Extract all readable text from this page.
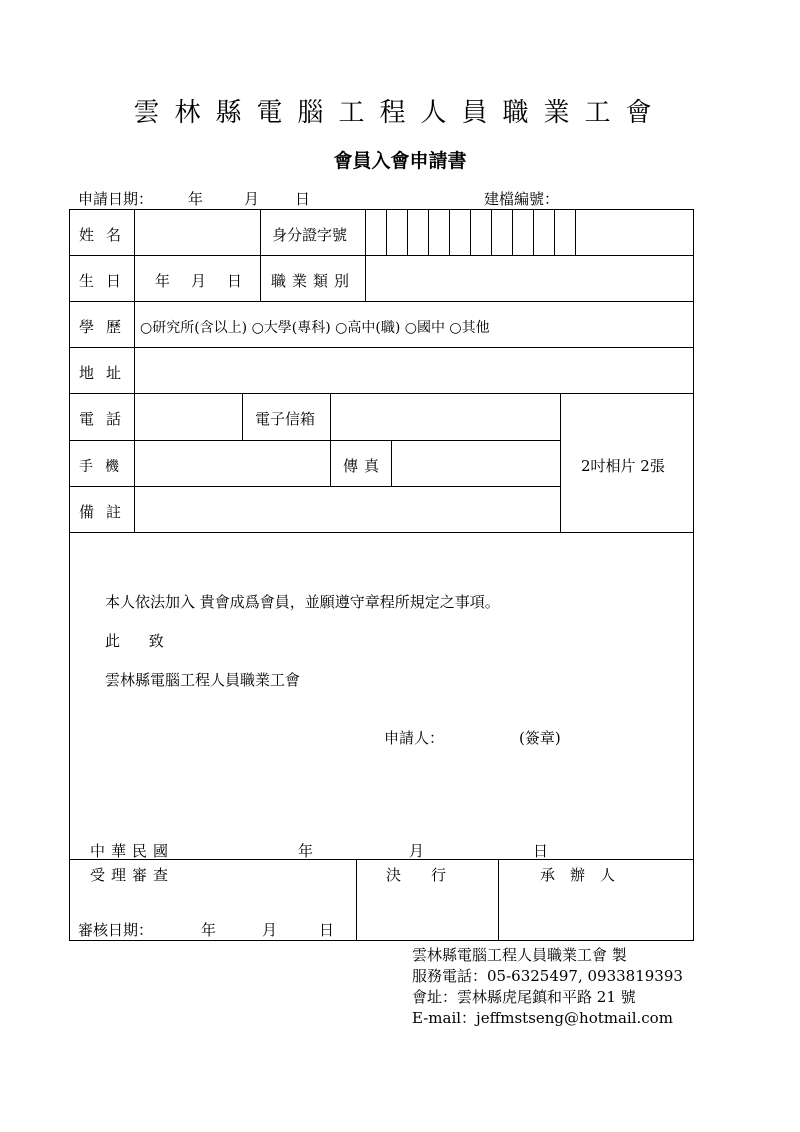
雲林縣電腦工程人員職業工會
會員入會申請書
申請日期： 年	月 日	建檔編號：
姓名	身分證字號
生日 年 月 日 職業類別
學歷 ○研究所(含以上) ○大學(專科) ○高中(職) ○國中 ○其他
地址
電話	電子信箱
手機	傳真
備註
2吋相片 2張
本人依法加入 貴會成爲會員，並願遵守章程所規定之事項。
此 致
雲林縣電腦工程人員職業工會
申請人：	(簽章)
中華民國	年	月	日
受理審查	決　　行	承　辦　人
審核日期：	年	月	日
雲林縣電腦工程人員職業工會 製
服務電話：05-6325497, 0933819393
會址：雲林縣虎尾鎮和平路 21 號
E-mail：jeffmstseng@hotmail.com
